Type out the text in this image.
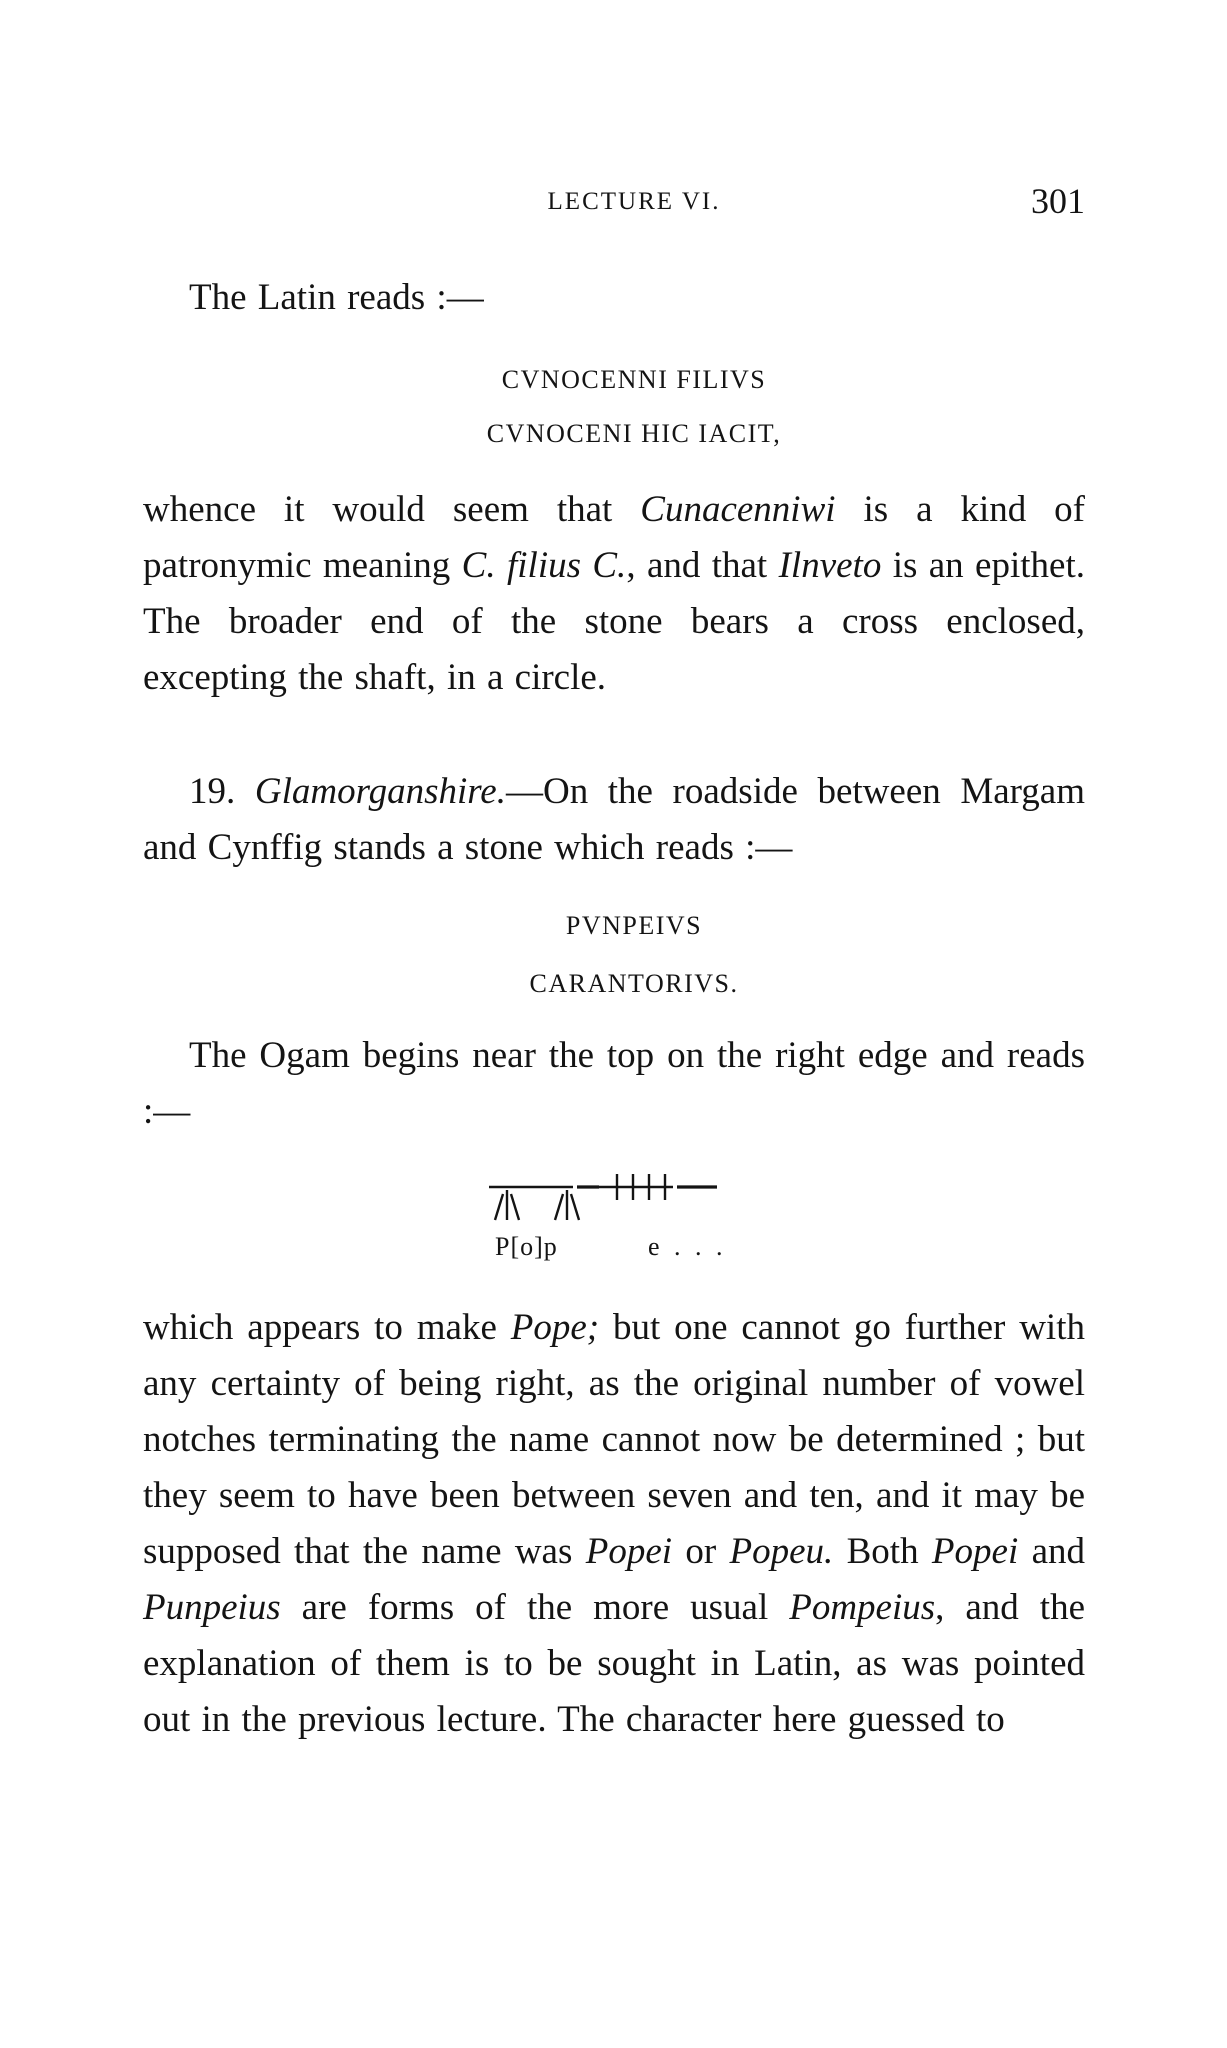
LECTURE VI.	301

The Latin reads :—

CVNOCENNI FILIVS

CVNOCENI HIC IACIT,

whence it would seem that Cunacenniwi is a kind of patronymic meaning C. filius C., and that Ilnveto is an epithet. The broader end of the stone bears a cross enclosed, excepting the shaft, in a circle.

19. Glamorganshire.—On the roadside between Margam and Cynffig stands a stone which reads :—

PVNPEIVS

CARANTORIVS.

The Ogam begins near the top on the right edge and reads :—

P[o]p	e . . .

which appears to make Pope; but one cannot go further with any certainty of being right, as the original number of vowel notches terminating the name cannot now be determined ; but they seem to have been between seven and ten, and it may be supposed that the name was Popei or Popeu. Both Popei and Punpeius are forms of the more usual Pompeius, and the explanation of them is to be sought in Latin, as was pointed out in the previous lecture. The character here guessed to
